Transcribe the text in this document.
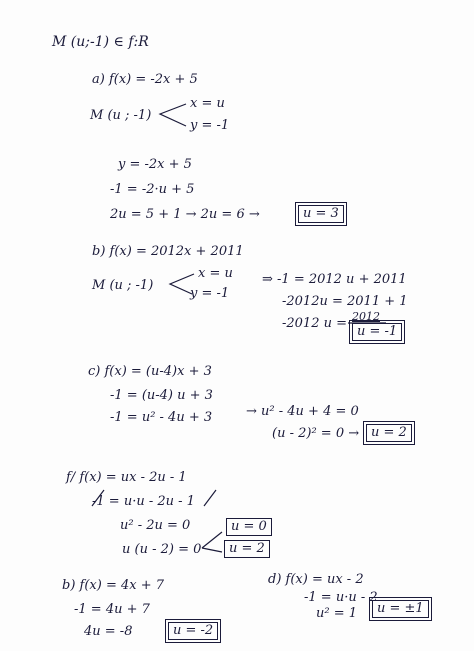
M (u;-1) ∈ f:R
a) f(x) = -2x + 5
M (u ; -1)
x = u
y = -1
y = -2x + 5
-1 = -2·u + 5
2u = 5 + 1 → 2u = 6 →	u = 3
b) f(x) = 2012x + 2011
M (u ; -1)
x = u
y = -1
⇒ -1 = 2012 u + 2011
-2012u = 2011 + 1
-2012 u = 2012
u = -1
c) f(x) = (u-4)x + 3
-1 = (u-4) u + 3
-1 = u² - 4u + 3	→ u² - 4u + 4 = 0
(u - 2)² = 0 → u = 2
f/ f(x) = ux - 2u - 1
-1 = u·u - 2u - 1
u² - 2u = 0
u (u - 2) = 0
u = 0
u = 2
b) f(x) = 4x + 7
-1 = 4u + 7
4u = -8	u = -2
d) f(x) = ux - 2
-1 = u·u - 2
u² = 1	u = ±1
